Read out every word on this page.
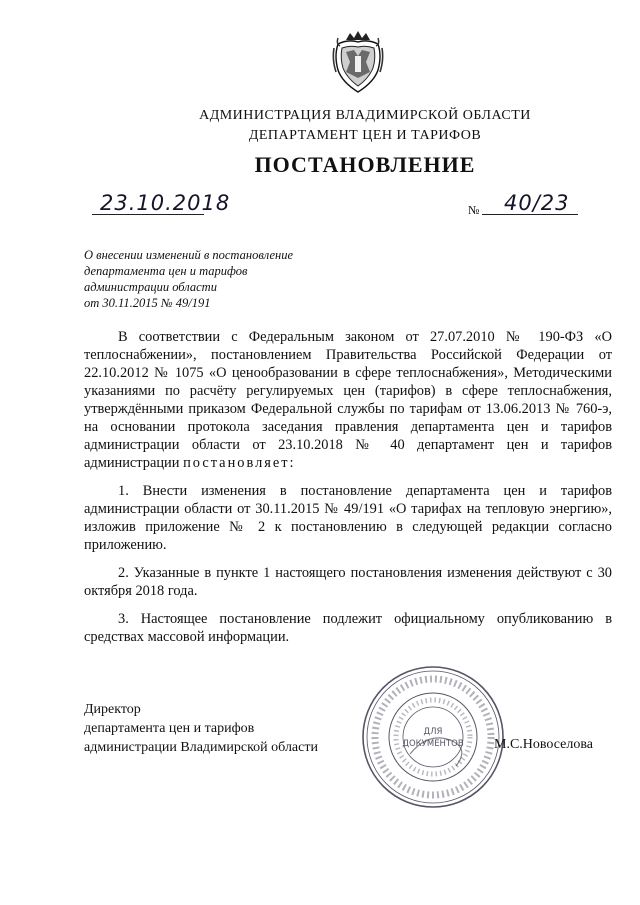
АДМИНИСТРАЦИЯ ВЛАДИМИРСКОЙ ОБЛАСТИ
ДЕПАРТАМЕНТ ЦЕН И ТАРИФОВ
ПОСТАНОВЛЕНИЕ
23.10.2018	№ 40/23
О внесении изменений в постановление
департамента цен и тарифов
администрации области
от 30.11.2015 № 49/191

В соответствии с Федеральным законом от 27.07.2010 № 190-ФЗ «О теплоснабжении», постановлением Правительства Российской Федерации от 22.10.2012 № 1075 «О ценообразовании в сфере теплоснабжения», Методическими указаниями по расчёту регулируемых цен (тарифов) в сфере теплоснабжения, утверждёнными приказом Федеральной службы по тарифам от 13.06.2013 № 760-э, на основании протокола заседания правления департамента цен и тарифов администрации области от 23.10.2018 № 40 департамент цен и тарифов администрации постановляет:

1. Внести изменения в постановление департамента цен и тарифов администрации области от 30.11.2015 № 49/191 «О тарифах на тепловую энергию», изложив приложение № 2 к постановлению в следующей редакции согласно приложению.

2. Указанные в пункте 1 настоящего постановления изменения действуют с 30 октября 2018 года.

3. Настоящее постановление подлежит официальному опубликованию в средствах массовой информации.

Директор
департамента цен и тарифов
администрации Владимирской области
ДЛЯ
ДОКУМЕНТОВ М.С.Новоселова
